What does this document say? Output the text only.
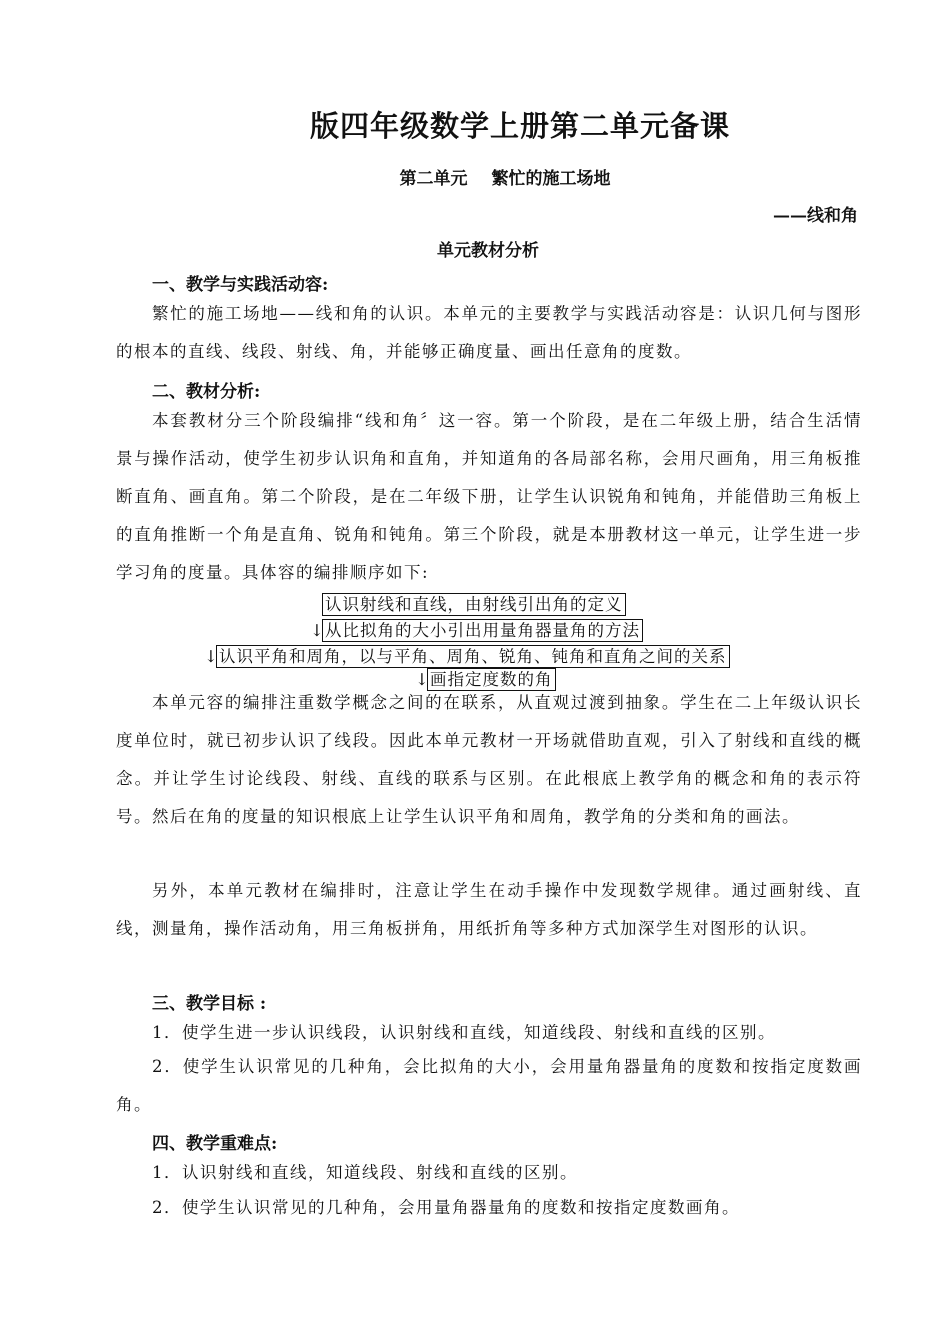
版四年级数学上册第二单元备课
第二单元 繁忙的施工场地
——线和角
单元教材分析
一、教学与实践活动容:
繁忙的施工场地——线和角的认识。本单元的主要教学与实践活动容是：认识几何与图形的根本的直线、线段、射线、角，并能够正确度量、画出任意角的度数。
二、教材分析:
本套教材分三个阶段编排“线和角〞这一容。第一个阶段，是在二年级上册，结合生活情景与操作活动，使学生初步认识角和直角，并知道角的各局部名称，会用尺画角，用三角板推断直角、画直角。第二个阶段，是在二年级下册，让学生认识锐角和钝角，并能借助三角板上的直角推断一个角是直角、锐角和钝角。第三个阶段，就是本册教材这一单元，让学生进一步学习角的度量。具体容的编排顺序如下:
认识射线和直线，由射线引出角的定义
↓从比拟角的大小引出用量角器量角的方法
↓认识平角和周角，以与平角、周角、锐角、钝角和直角之间的关系
↓画指定度数的角
本单元容的编排注重数学概念之间的在联系，从直观过渡到抽象。学生在二上年级认识长度单位时，就已初步认识了线段。因此本单元教材一开场就借助直观，引入了射线和直线的概念。并让学生讨论线段、射线、直线的联系与区别。在此根底上教学角的概念和角的表示符号。然后在角的度量的知识根底上让学生认识平角和周角，教学角的分类和角的画法。
另外，本单元教材在编排时，注意让学生在动手操作中发现数学规律。通过画射线、直线，测量角，操作活动角，用三角板拼角，用纸折角等多种方式加深学生对图形的认识。
三、教学目标 :
1．使学生进一步认识线段，认识射线和直线，知道线段、射线和直线的区别。
2．使学生认识常见的几种角，会比拟角的大小，会用量角器量角的度数和按指定度数画角。
四、教学重难点:
1．认识射线和直线，知道线段、射线和直线的区别。
2．使学生认识常见的几种角，会用量角器量角的度数和按指定度数画角。
